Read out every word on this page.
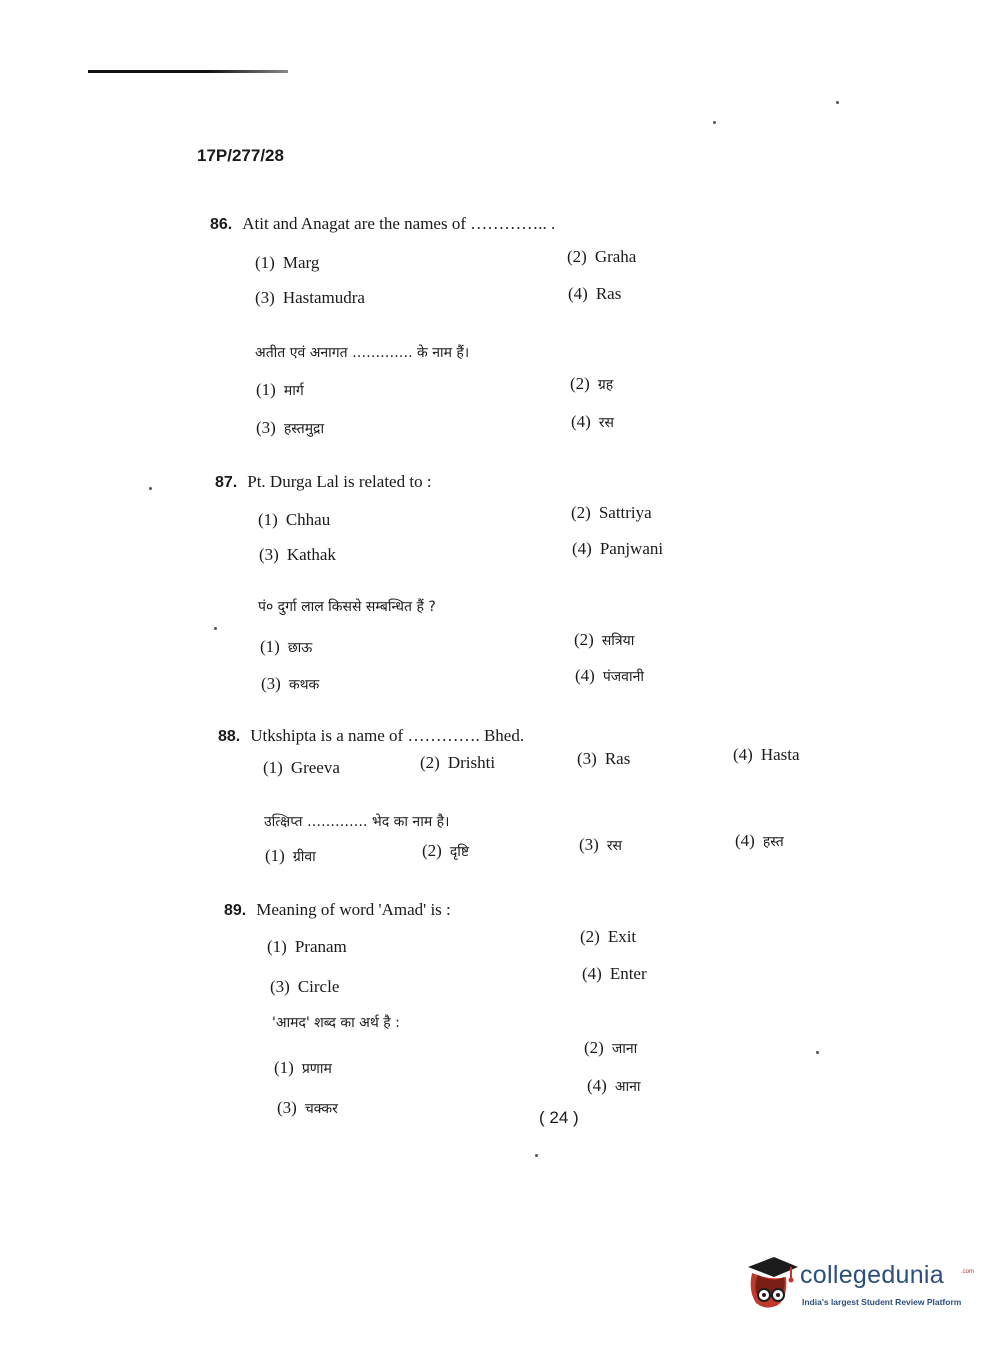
17P/277/28
86. Atit and Anagat are the names of ………….. .
(1) Marg	(2) Graha
(3) Hastamudra	(4) Ras
अतीत एवं अनागत …………. के नाम हैं।
(1) मार्ग	(2) ग्रह
(3) हस्तमुद्रा	(4) रस
87. Pt. Durga Lal is related to :
(1) Chhau	(2) Sattriya
(3) Kathak	(4) Panjwani
पं० दुर्गा लाल किससे सम्बन्धित हैं ?
(1) छाऊ	(2) सत्रिया
(3) कथक	(4) पंजवानी
88. Utkshipta is a name of …………. Bhed.
(1) Greeva	(2) Drishti	(3) Ras	(4) Hasta
उत्क्षिप्त …………. भेद का नाम है।
(1) ग्रीवा	(2) दृष्टि	(3) रस	(4) हस्त
89. Meaning of word 'Amad' is :
(1) Pranam
(2) Exit
(3) Circle
(4) Enter
'आमद' शब्द का अर्थ है :
(1) प्रणाम
(2) जाना
(3) चक्कर
(4) आना
( 24 )
collegedunia	.com
India's largest Student Review Platform
